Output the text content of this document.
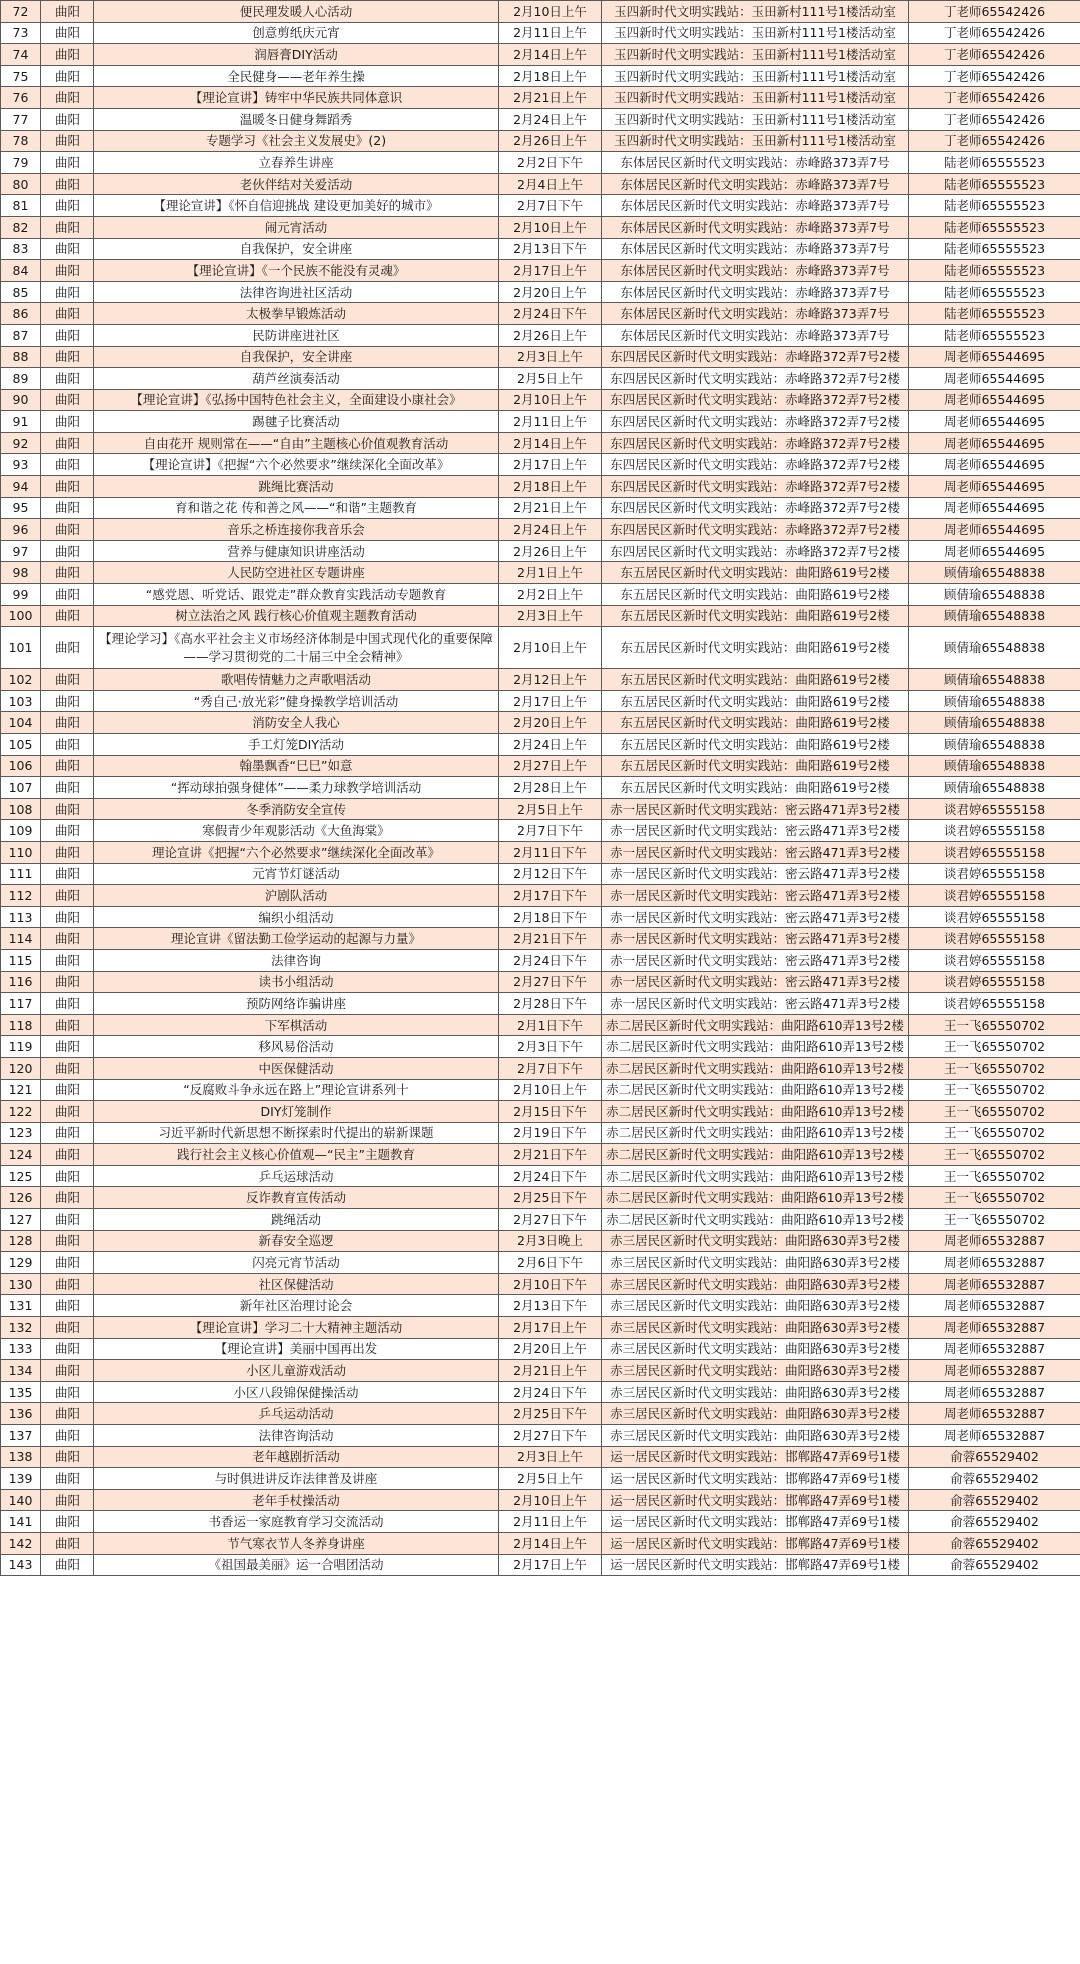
72	曲阳	便民理发暖人心活动	2月10日上午	玉四新时代文明实践站：玉田新村111号1楼活动室	丁老师65542426
73	曲阳	创意剪纸庆元宵	2月11日上午	玉四新时代文明实践站：玉田新村111号1楼活动室	丁老师65542426
74	曲阳	润唇膏DIY活动	2月14日上午	玉四新时代文明实践站：玉田新村111号1楼活动室	丁老师65542426
75	曲阳	全民健身——老年养生操	2月18日上午	玉四新时代文明实践站：玉田新村111号1楼活动室	丁老师65542426
76	曲阳	【理论宣讲】铸牢中华民族共同体意识	2月21日上午	玉四新时代文明实践站：玉田新村111号1楼活动室	丁老师65542426
77	曲阳	温暖冬日健身舞蹈秀	2月24日上午	玉四新时代文明实践站：玉田新村111号1楼活动室	丁老师65542426
78	曲阳	专题学习《社会主义发展史》(2)	2月26日上午	玉四新时代文明实践站：玉田新村111号1楼活动室	丁老师65542426
79	曲阳	立春养生讲座	2月2日下午	东体居民区新时代文明实践站：赤峰路373弄7号	陆老师65555523
80	曲阳	老伙伴结对关爱活动	2月4日上午	东体居民区新时代文明实践站：赤峰路373弄7号	陆老师65555523
81	曲阳	【理论宣讲】《怀自信迎挑战 建设更加美好的城市》	2月7日下午	东体居民区新时代文明实践站：赤峰路373弄7号	陆老师65555523
82	曲阳	闹元宵活动	2月10日上午	东体居民区新时代文明实践站：赤峰路373弄7号	陆老师65555523
83	曲阳	自我保护，安全讲座	2月13日下午	东体居民区新时代文明实践站：赤峰路373弄7号	陆老师65555523
84	曲阳	【理论宣讲】《一个民族不能没有灵魂》	2月17日上午	东体居民区新时代文明实践站：赤峰路373弄7号	陆老师65555523
85	曲阳	法律咨询进社区活动	2月20日上午	东体居民区新时代文明实践站：赤峰路373弄7号	陆老师65555523
86	曲阳	太极拳早锻炼活动	2月24日下午	东体居民区新时代文明实践站：赤峰路373弄7号	陆老师65555523
87	曲阳	民防讲座进社区	2月26日上午	东体居民区新时代文明实践站：赤峰路373弄7号	陆老师65555523
88	曲阳	自我保护，安全讲座	2月3日上午	东四居民区新时代文明实践站：赤峰路372弄7号2楼	周老师65544695
89	曲阳	葫芦丝演奏活动	2月5日上午	东四居民区新时代文明实践站：赤峰路372弄7号2楼	周老师65544695
90	曲阳	【理论宣讲】《弘扬中国特色社会主义，全面建设小康社会》	2月10日上午	东四居民区新时代文明实践站：赤峰路372弄7号2楼	周老师65544695
91	曲阳	踢毽子比赛活动	2月11日上午	东四居民区新时代文明实践站：赤峰路372弄7号2楼	周老师65544695
92	曲阳	自由花开 规则常在——“自由”主题核心价值观教育活动	2月14日上午	东四居民区新时代文明实践站：赤峰路372弄7号2楼	周老师65544695
93	曲阳	【理论宣讲】《把握“六个必然要求”继续深化全面改革》	2月17日上午	东四居民区新时代文明实践站：赤峰路372弄7号2楼	周老师65544695
94	曲阳	跳绳比赛活动	2月18日上午	东四居民区新时代文明实践站：赤峰路372弄7号2楼	周老师65544695
95	曲阳	育和谐之花 传和善之风——“和谐”主题教育	2月21日上午	东四居民区新时代文明实践站：赤峰路372弄7号2楼	周老师65544695
96	曲阳	音乐之桥连接你我音乐会	2月24日上午	东四居民区新时代文明实践站：赤峰路372弄7号2楼	周老师65544695
97	曲阳	营养与健康知识讲座活动	2月26日上午	东四居民区新时代文明实践站：赤峰路372弄7号2楼	周老师65544695
98	曲阳	人民防空进社区专题讲座	2月1日上午	东五居民区新时代文明实践站：曲阳路619号2楼	顾倩瑜65548838
99	曲阳	“感党恩、听党话、跟党走”群众教育实践活动专题教育	2月2日上午	东五居民区新时代文明实践站：曲阳路619号2楼	顾倩瑜65548838
100	曲阳	树立法治之风 践行核心价值观主题教育活动	2月3日上午	东五居民区新时代文明实践站：曲阳路619号2楼	顾倩瑜65548838
101	曲阳	【理论学习】《高水平社会主义市场经济体制是中国式现代化的重要保障——学习贯彻党的二十届三中全会精神》	2月10日上午	东五居民区新时代文明实践站：曲阳路619号2楼	顾倩瑜65548838
102	曲阳	歌唱传情魅力之声歌唱活动	2月12日上午	东五居民区新时代文明实践站：曲阳路619号2楼	顾倩瑜65548838
103	曲阳	“秀自己·放光彩”健身操教学培训活动	2月17日上午	东五居民区新时代文明实践站：曲阳路619号2楼	顾倩瑜65548838
104	曲阳	消防安全人我心	2月20日上午	东五居民区新时代文明实践站：曲阳路619号2楼	顾倩瑜65548838
105	曲阳	手工灯笼DIY活动	2月24日上午	东五居民区新时代文明实践站：曲阳路619号2楼	顾倩瑜65548838
106	曲阳	翰墨飘香“巳巳”如意	2月27日上午	东五居民区新时代文明实践站：曲阳路619号2楼	顾倩瑜65548838
107	曲阳	“挥动球拍强身健体”——柔力球教学培训活动	2月28日上午	东五居民区新时代文明实践站：曲阳路619号2楼	顾倩瑜65548838
108	曲阳	冬季消防安全宣传	2月5日上午	赤一居民区新时代文明实践站：密云路471弄3号2楼	谈君婷65555158
109	曲阳	寒假青少年观影活动《大鱼海棠》	2月7日下午	赤一居民区新时代文明实践站：密云路471弄3号2楼	谈君婷65555158
110	曲阳	理论宣讲《把握“六个必然要求”继续深化全面改革》	2月11日下午	赤一居民区新时代文明实践站：密云路471弄3号2楼	谈君婷65555158
111	曲阳	元宵节灯谜活动	2月12日下午	赤一居民区新时代文明实践站：密云路471弄3号2楼	谈君婷65555158
112	曲阳	沪剧队活动	2月17日下午	赤一居民区新时代文明实践站：密云路471弄3号2楼	谈君婷65555158
113	曲阳	编织小组活动	2月18日下午	赤一居民区新时代文明实践站：密云路471弄3号2楼	谈君婷65555158
114	曲阳	理论宣讲《留法勤工俭学运动的起源与力量》	2月21日下午	赤一居民区新时代文明实践站：密云路471弄3号2楼	谈君婷65555158
115	曲阳	法律咨询	2月24日下午	赤一居民区新时代文明实践站：密云路471弄3号2楼	谈君婷65555158
116	曲阳	读书小组活动	2月27日下午	赤一居民区新时代文明实践站：密云路471弄3号2楼	谈君婷65555158
117	曲阳	预防网络诈骗讲座	2月28日下午	赤一居民区新时代文明实践站：密云路471弄3号2楼	谈君婷65555158
118	曲阳	下军棋活动	2月1日下午	赤二居民区新时代文明实践站：曲阳路610弄13号2楼	王一飞65550702
119	曲阳	移风易俗活动	2月3日下午	赤二居民区新时代文明实践站：曲阳路610弄13号2楼	王一飞65550702
120	曲阳	中医保健活动	2月7日下午	赤二居民区新时代文明实践站：曲阳路610弄13号2楼	王一飞65550702
121	曲阳	“反腐败斗争永远在路上”理论宣讲系列十	2月10日上午	赤二居民区新时代文明实践站：曲阳路610弄13号2楼	王一飞65550702
122	曲阳	DIY灯笼制作	2月15日下午	赤二居民区新时代文明实践站：曲阳路610弄13号2楼	王一飞65550702
123	曲阳	习近平新时代新思想不断探索时代提出的崭新课题	2月19日下午	赤二居民区新时代文明实践站：曲阳路610弄13号2楼	王一飞65550702
124	曲阳	践行社会主义核心价值观—“民主”主题教育	2月21日下午	赤二居民区新时代文明实践站：曲阳路610弄13号2楼	王一飞65550702
125	曲阳	乒乓运球活动	2月24日下午	赤二居民区新时代文明实践站：曲阳路610弄13号2楼	王一飞65550702
126	曲阳	反诈教育宣传活动	2月25日下午	赤二居民区新时代文明实践站：曲阳路610弄13号2楼	王一飞65550702
127	曲阳	跳绳活动	2月27日下午	赤二居民区新时代文明实践站：曲阳路610弄13号2楼	王一飞65550702
128	曲阳	新春安全巡逻	2月3日晚上	赤三居民区新时代文明实践站：曲阳路630弄3号2楼	周老师65532887
129	曲阳	闪亮元宵节活动	2月6日下午	赤三居民区新时代文明实践站：曲阳路630弄3号2楼	周老师65532887
130	曲阳	社区保健活动	2月10日下午	赤三居民区新时代文明实践站：曲阳路630弄3号2楼	周老师65532887
131	曲阳	新年社区治理讨论会	2月13日下午	赤三居民区新时代文明实践站：曲阳路630弄3号2楼	周老师65532887
132	曲阳	【理论宣讲】学习二十大精神主题活动	2月17日上午	赤三居民区新时代文明实践站：曲阳路630弄3号2楼	周老师65532887
133	曲阳	【理论宣讲】美丽中国再出发	2月20日上午	赤三居民区新时代文明实践站：曲阳路630弄3号2楼	周老师65532887
134	曲阳	小区儿童游戏活动	2月21日上午	赤三居民区新时代文明实践站：曲阳路630弄3号2楼	周老师65532887
135	曲阳	小区八段锦保健操活动	2月24日下午	赤三居民区新时代文明实践站：曲阳路630弄3号2楼	周老师65532887
136	曲阳	乒乓运动活动	2月25日下午	赤三居民区新时代文明实践站：曲阳路630弄3号2楼	周老师65532887
137	曲阳	法律咨询活动	2月27日下午	赤三居民区新时代文明实践站：曲阳路630弄3号2楼	周老师65532887
138	曲阳	老年越剧折活动	2月3日上午	运一居民区新时代文明实践站：邯郸路47弄69号1楼	俞蓉65529402
139	曲阳	与时俱进讲反诈法律普及讲座	2月5日上午	运一居民区新时代文明实践站：邯郸路47弄69号1楼	俞蓉65529402
140	曲阳	老年手杖操活动	2月10日上午	运一居民区新时代文明实践站：邯郸路47弄69号1楼	俞蓉65529402
141	曲阳	书香运一家庭教育学习交流活动	2月11日上午	运一居民区新时代文明实践站：邯郸路47弄69号1楼	俞蓉65529402
142	曲阳	节气寒衣节人冬养身讲座	2月14日上午	运一居民区新时代文明实践站：邯郸路47弄69号1楼	俞蓉65529402
143	曲阳	《祖国最美丽》运一合唱团活动	2月17日上午	运一居民区新时代文明实践站：邯郸路47弄69号1楼	俞蓉65529402
